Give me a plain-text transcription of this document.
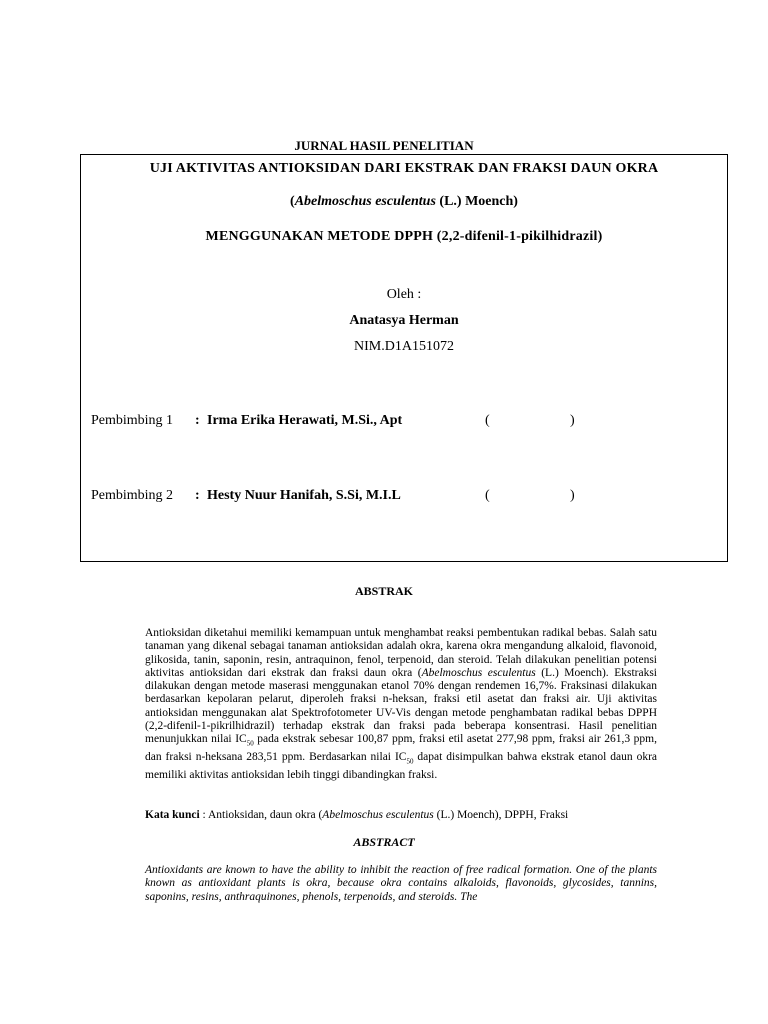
JURNAL HASIL PENELITIAN
UJI AKTIVITAS ANTIOKSIDAN DARI EKSTRAK DAN FRAKSI DAUN OKRA
(Abelmoschus esculentus (L.) Moench)
MENGGUNAKAN METODE DPPH (2,2-difenil-1-pikilhidrazil)
Oleh :
Anatasya Herman
NIM.D1A151072
Pembimbing 1 : Irma Erika Herawati, M.Si., Apt	(	)
Pembimbing 2 : Hesty Nuur Hanifah, S.Si, M.I.L	(	)
ABSTRAK

Antioksidan diketahui memiliki kemampuan untuk menghambat reaksi pembentukan radikal bebas. Salah satu tanaman yang dikenal sebagai tanaman antioksidan adalah okra, karena okra mengandung alkaloid, flavonoid, glikosida, tanin, saponin, resin, antraquinon, fenol, terpenoid, dan steroid. Telah dilakukan penelitian potensi aktivitas antioksidan dari ekstrak dan fraksi daun okra (Abelmoschus esculentus (L.) Moench). Ekstraksi dilakukan dengan metode maserasi menggunakan etanol 70% dengan rendemen 16,7%. Fraksinasi dilakukan berdasarkan kepolaran pelarut, diperoleh fraksi n-heksan, fraksi etil asetat dan fraksi air. Uji aktivitas antioksidan menggunakan alat Spektrofotometer UV-Vis dengan metode penghambatan radikal bebas DPPH (2,2-difenil-1-pikrilhidrazil) terhadap ekstrak dan fraksi pada beberapa konsentrasi. Hasil penelitian menunjukkan nilai $IC_{50}$ pada ekstrak sebesar 100,87 ppm, fraksi etil asetat 277,98 ppm, fraksi air 261,3 ppm, dan fraksi n-heksana 283,51 ppm. Berdasarkan nilai $IC_{50}$ dapat disimpulkan bahwa ekstrak etanol daun okra memiliki aktivitas antioksidan lebih tinggi dibandingkan fraksi.

Kata kunci : Antioksidan, daun okra (Abelmoschus esculentus (L.) Moench), DPPH, Fraksi
ABSTRACT

Antioxidants are known to have the ability to inhibit the reaction of free radical formation. One of the plants known as antioxidant plants is okra, because okra contains alkaloids, flavonoids, glycosides, tannins, saponins, resins, anthraquinones, phenols, terpenoids, and steroids. The
